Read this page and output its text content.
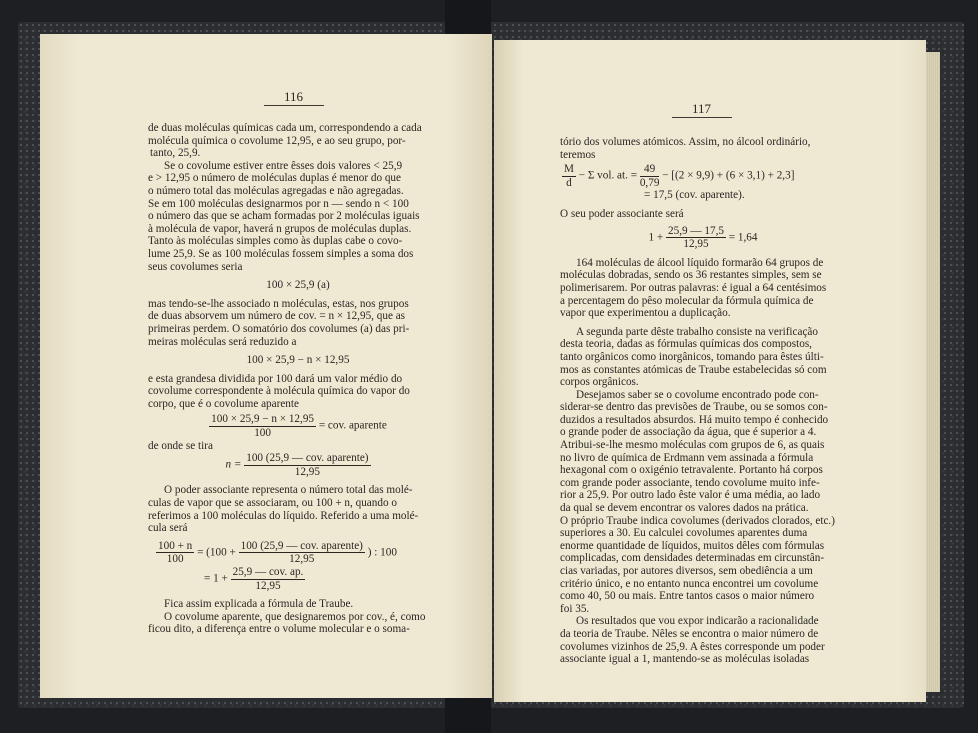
116

de duas moléculas químicas cada um, correspondendo a cada

molécula química o covolume 12,95, e ao seu grupo, por-

tanto, 25,9.

Se o covolume estiver entre êsses dois valores < 25,9

e > 12,95 o número de moléculas duplas é menor do que

o número total das moléculas agregadas e não agregadas.

Se em 100 moléculas designarmos por n — sendo n < 100

o número das que se acham formadas por 2 moléculas iguais

à molécula de vapor, haverá n grupos de moléculas duplas.

Tanto às moléculas simples como às duplas cabe o covo-

lume 25,9. Se as 100 moléculas fossem simples a soma dos

seus covolumes seria

100 × 25,9 (a)

mas tendo-se-lhe associado n moléculas, estas, nos grupos

de duas absorvem um número de cov. = n × 12,95, que as

primeiras perdem. O somatório dos covolumes (a) das pri-

meiras moléculas será reduzido a

100 × 25,9 − n × 12,95

e esta grandesa dividida por 100 dará um valor médio do

covolume correspondente à molécula química do vapor do

corpo, que é o covolume aparente

$\frac{100 \times 25,9 - n \times 12,95}{100}$ = cov. aparente

de onde se tira

n =
100 (25,9 — cov. aparente)
12,95

O poder associante representa o número total das molé-

culas de vapor que se associaram, ou 100 + n, quando o

referimos a 100 moléculas do líquido. Referido a uma molé-

cula será

$\frac{100 + n}{100} = (100$ +
100 (25,9 — cov. aparente)
12,95
) : 100
= 1 +
25,9 — cov. ap.
12,95

Fica assim explicada a fórmula de Traube.

O covolume aparente, que designaremos por cov., é, como

ficou dito, a diferença entre o volume molecular e o soma-

117

tório dos volumes atómicos. Assim, no álcool ordinário,

teremos

$\frac{M}{d} - \Sigma$ vol. at. = $\frac{49}{0,79} - [(2 \times 9,9) + (6 \times 3,1) + 2,3]$

= 17,5 (cov. aparente).

O seu poder associante será

$1 + \frac{25,9 — 17,5}{12,95} = 1,64$

164 moléculas de álcool líquido formarão 64 grupos de

moléculas dobradas, sendo os 36 restantes simples, sem se

polimerisarem. Por outras palavras: é igual a 64 centésimos

a percentagem do pêso molecular da fórmula química de

vapor que experimentou a duplicação.

A segunda parte dêste trabalho consiste na verificação

desta teoria, dadas as fórmulas químicas dos compostos,

tanto orgânicos como inorgânicos, tomando para êstes últi-

mos as constantes atómicas de Traube estabelecidas só com

corpos orgânicos.

Desejamos saber se o covolume encontrado pode con-

siderar-se dentro das previsões de Traube, ou se somos con-

duzidos a resultados absurdos. Há muito tempo é conhecido

o grande poder de associação da água, que é superior a 4.

Atribui-se-lhe mesmo moléculas com grupos de 6, as quais

no livro de química de Erdmann vem assinada a fórmula

hexagonal com o oxigénio tetravalente. Portanto há corpos

com grande poder associante, tendo covolume muito infe-

rior a 25,9. Por outro lado êste valor é uma média, ao lado

da qual se devem encontrar os valores dados na prática.

O próprio Traube indica covolumes (derivados clorados, etc.)

superiores a 30. Eu calculei covolumes aparentes duma

enorme quantidade de líquidos, muitos dêles com fórmulas

complicadas, com densidades determinadas em circunstân-

cias variadas, por autores diversos, sem obediência a um

critério único, e no entanto nunca encontrei um covolume

como 40, 50 ou mais. Entre tantos casos o maior número

foi 35.

Os resultados que vou expor indicarão a racionalidade

da teoria de Traube. Nêles se encontra o maior número de

covolumes vizinhos de 25,9. A êstes corresponde um poder

associante igual a 1, mantendo-se as moléculas isoladas
